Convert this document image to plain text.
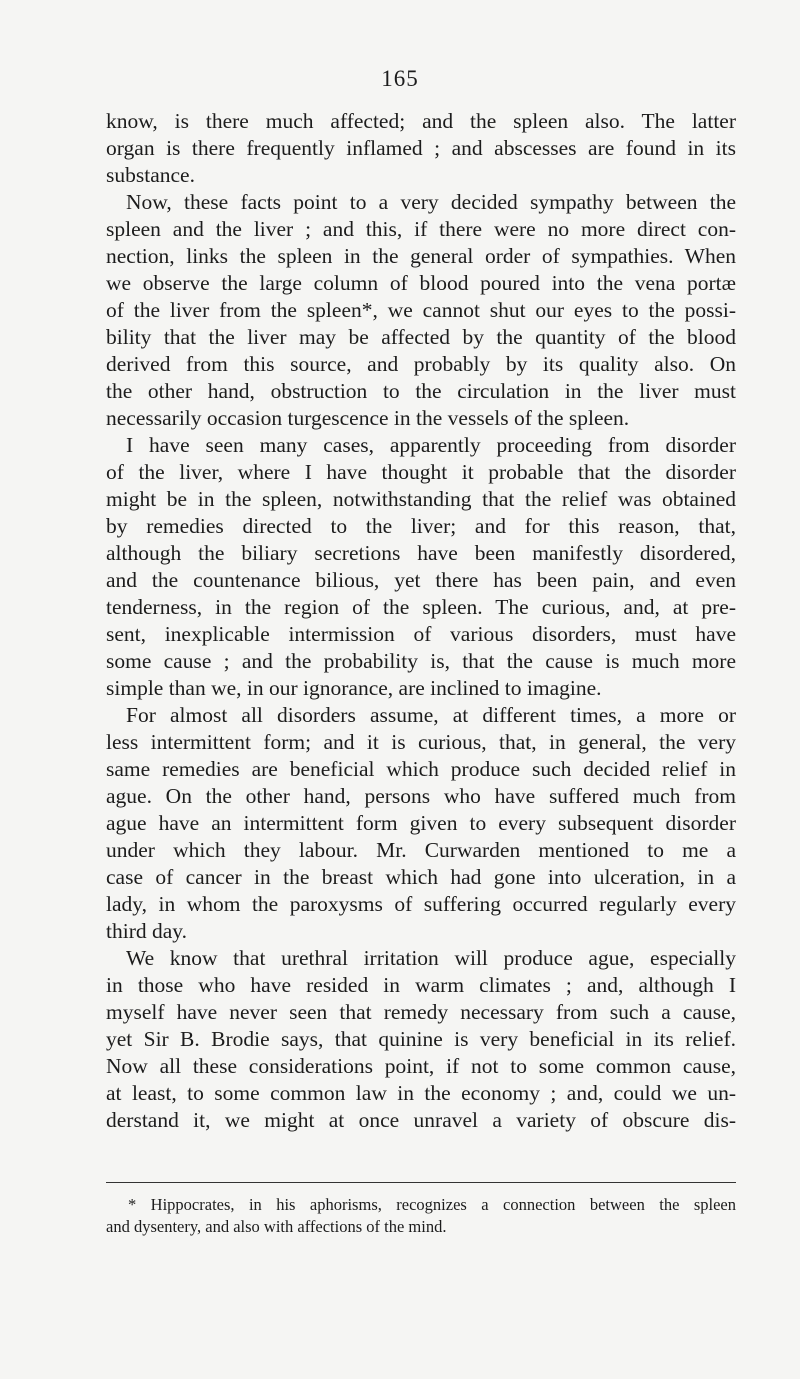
165
know, is there much affected; and the spleen also. The latter
organ is there frequently inflamed ; and abscesses are found in its
substance.
Now, these facts point to a very decided sympathy between the
spleen and the liver ; and this, if there were no more direct con-
nection, links the spleen in the general order of sympathies. When
we observe the large column of blood poured into the vena portæ
of the liver from the spleen*, we cannot shut our eyes to the possi-
bility that the liver may be affected by the quantity of the blood
derived from this source, and probably by its quality also. On
the other hand, obstruction to the circulation in the liver must
necessarily occasion turgescence in the vessels of the spleen.
I have seen many cases, apparently proceeding from disorder
of the liver, where I have thought it probable that the disorder
might be in the spleen, notwithstanding that the relief was obtained
by remedies directed to the liver; and for this reason, that,
although the biliary secretions have been manifestly disordered,
and the countenance bilious, yet there has been pain, and even
tenderness, in the region of the spleen. The curious, and, at pre-
sent, inexplicable intermission of various disorders, must have
some cause ; and the probability is, that the cause is much more
simple than we, in our ignorance, are inclined to imagine.
For almost all disorders assume, at different times, a more or
less intermittent form; and it is curious, that, in general, the very
same remedies are beneficial which produce such decided relief in
ague. On the other hand, persons who have suffered much from
ague have an intermittent form given to every subsequent disorder
under which they labour. Mr. Curwarden mentioned to me a
case of cancer in the breast which had gone into ulceration, in a
lady, in whom the paroxysms of suffering occurred regularly every
third day.
We know that urethral irritation will produce ague, especially
in those who have resided in warm climates ; and, although I
myself have never seen that remedy necessary from such a cause,
yet Sir B. Brodie says, that quinine is very beneficial in its relief.
Now all these considerations point, if not to some common cause,
at least, to some common law in the economy ; and, could we un-
derstand it, we might at once unravel a variety of obscure dis-
* Hippocrates, in his aphorisms, recognizes a connection between the spleen
and dysentery, and also with affections of the mind.
